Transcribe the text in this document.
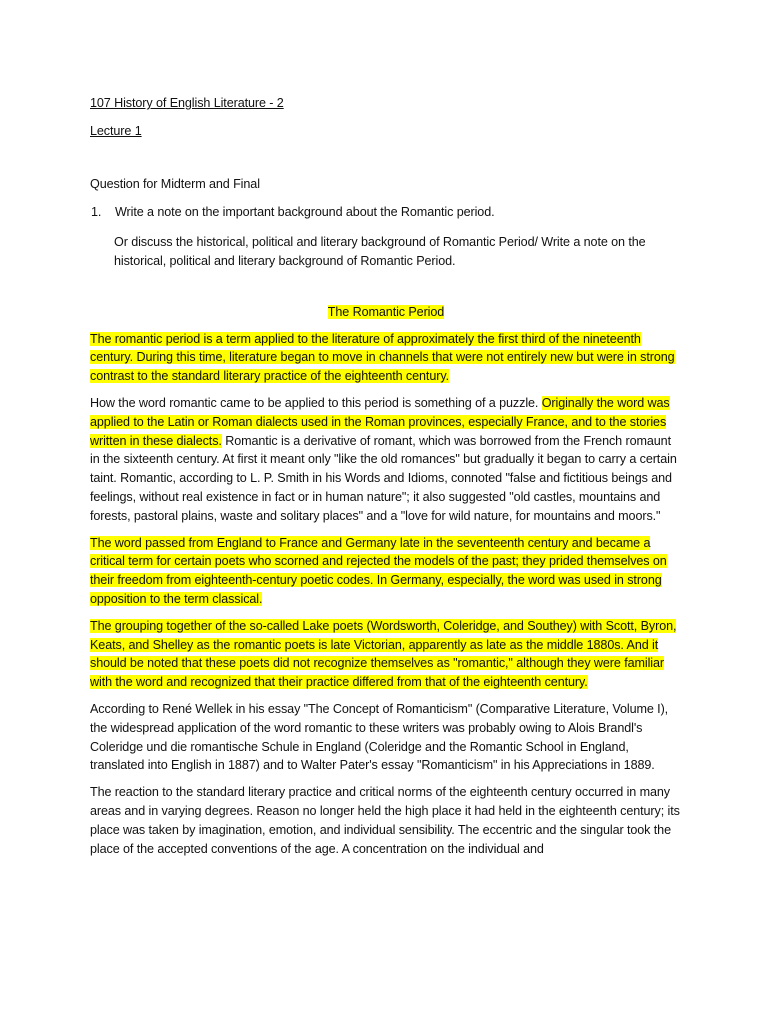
107 History of English Literature - 2
Lecture 1
Question for Midterm and Final
1.	Write a note on the important background about the Romantic period.
Or discuss the historical, political and literary background of Romantic Period/ Write a note on the historical, political and literary background of Romantic Period.
The Romantic Period

The romantic period is a term applied to the literature of approximately the first third of the nineteenth century. During this time, literature began to move in channels that were not entirely new but were in strong contrast to the standard literary practice of the eighteenth century.

How the word romantic came to be applied to this period is something of a puzzle. Originally the word was applied to the Latin or Roman dialects used in the Roman provinces, especially France, and to the stories written in these dialects. Romantic is a derivative of romant, which was borrowed from the French romaunt in the sixteenth century. At first it meant only "like the old romances" but gradually it began to carry a certain taint. Romantic, according to L. P. Smith in his Words and Idioms, connoted "false and fictitious beings and feelings, without real existence in fact or in human nature"; it also suggested "old castles, mountains and forests, pastoral plains, waste and solitary places" and a "love for wild nature, for mountains and moors."

The word passed from England to France and Germany late in the seventeenth century and became a critical term for certain poets who scorned and rejected the models of the past; they prided themselves on their freedom from eighteenth-century poetic codes. In Germany, especially, the word was used in strong opposition to the term classical.

The grouping together of the so-called Lake poets (Wordsworth, Coleridge, and Southey) with Scott, Byron, Keats, and Shelley as the romantic poets is late Victorian, apparently as late as the middle 1880s. And it should be noted that these poets did not recognize themselves as "romantic," although they were familiar with the word and recognized that their practice differed from that of the eighteenth century.

According to René Wellek in his essay "The Concept of Romanticism" (Comparative Literature, Volume I), the widespread application of the word romantic to these writers was probably owing to Alois Brandl's Coleridge und die romantische Schule in England (Coleridge and the Romantic School in England, translated into English in 1887) and to Walter Pater's essay "Romanticism" in his Appreciations in 1889.

The reaction to the standard literary practice and critical norms of the eighteenth century occurred in many areas and in varying degrees. Reason no longer held the high place it had held in the eighteenth century; its place was taken by imagination, emotion, and individual sensibility. The eccentric and the singular took the place of the accepted conventions of the age. A concentration on the individual and
